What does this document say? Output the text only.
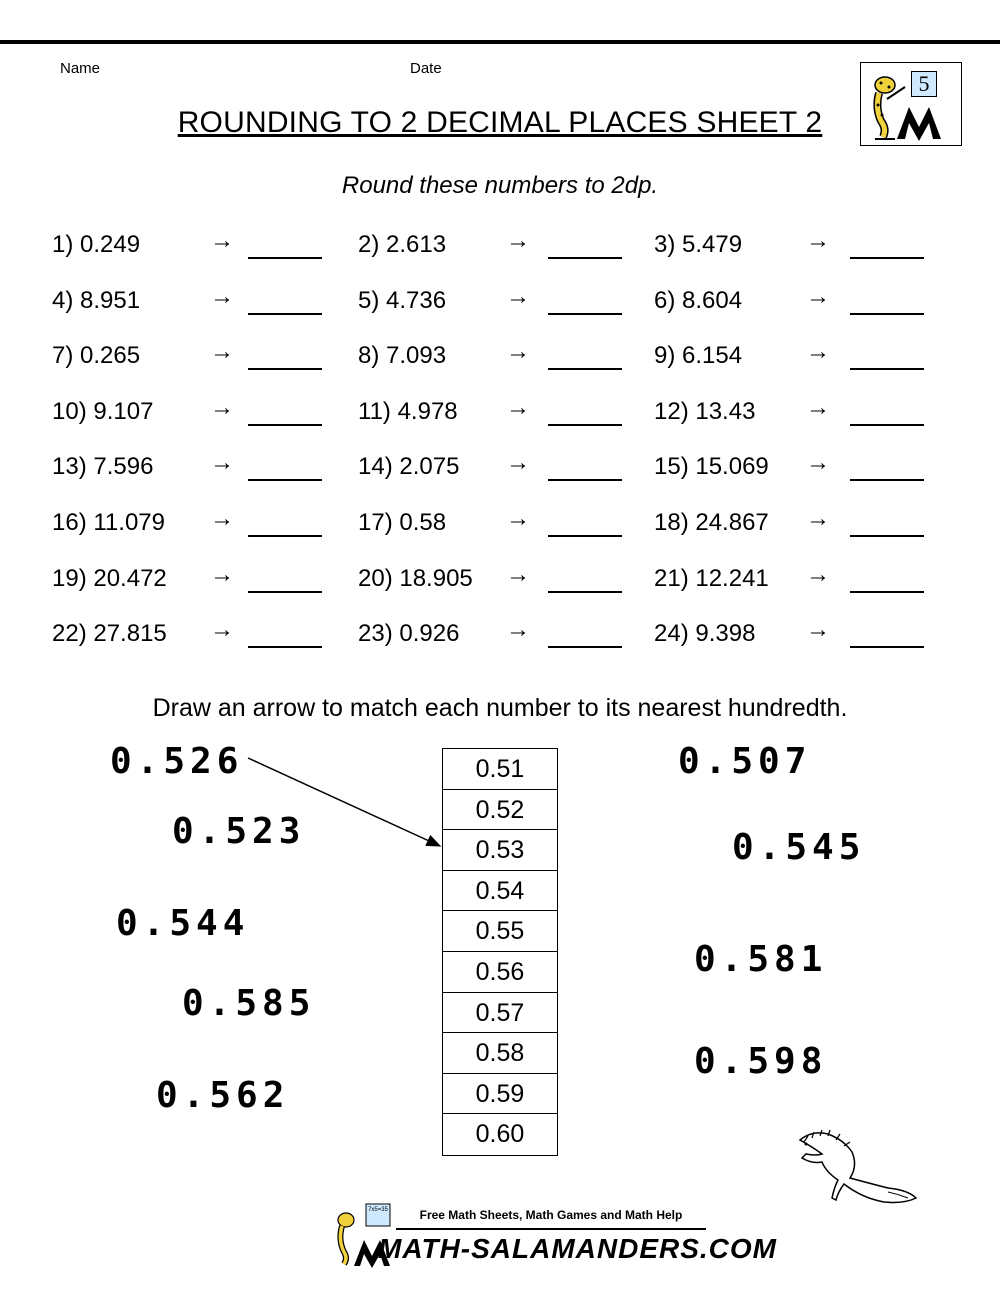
Name	Date
ROUNDING TO 2 DECIMAL PLACES SHEET 2
Round these numbers to 2dp.
5
1) 0.249	→	2) 2.613 →	3) 5.479	→
4) 8.951	→	5) 4.736 →	6) 8.604	→
7) 0.265	→	8) 7.093 →	9) 6.154	→
10) 9.107 →	11) 4.978 →	12) 13.43 →
13) 7.596 →	14) 2.075 →	15) 15.069 →
16) 11.079 →	17) 0.58 →	18) 24.867 →
19) 20.472 →	20) 18.905 →	21) 12.241 →
22) 27.815 →	23) 0.926 →	24) 9.398 →
Draw an arrow to match each number to its nearest hundredth.
0.526
0.523
0.544
0.585
0.562
0.507
0.545
0.581
0.598
0.51
0.52
0.53
0.54
0.55
0.56
0.57
0.58
0.59
0.60
7x5=35	Free Math Sheets, Math Games and Math Help
MATH-SALAMANDERS.COM
